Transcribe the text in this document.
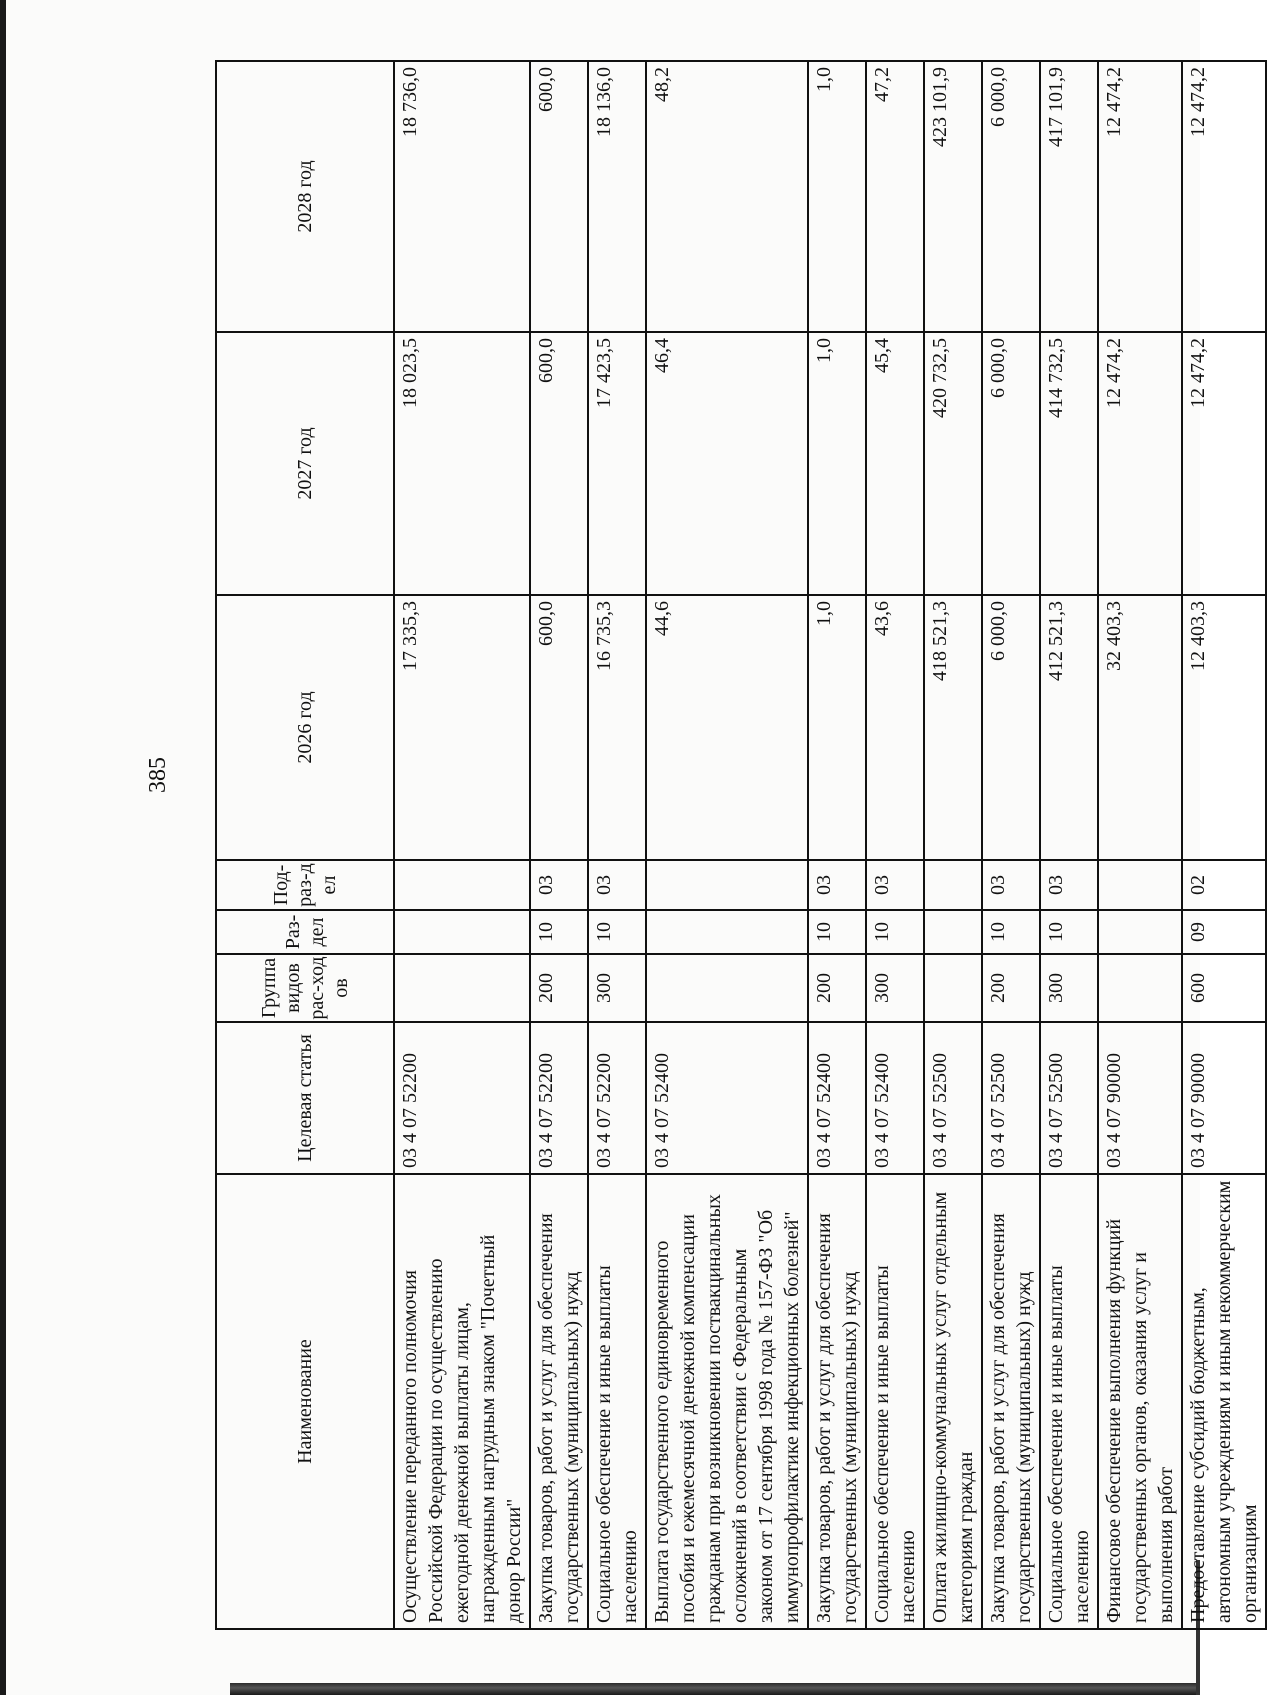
385
Наименование	Целевая статья	Группа видов рас-ходов	Раз-дел	Под-раз-дел	2026 год	2027 год	2028 год
Осуществление переданного полномочия Российской Федерации по осуществлению ежегодной денежной выплаты лицам, награжденным нагрудным знаком "Почетный донор России"	03 4 07 52200				17 335,3	18 023,5	18 736,0
Закупка товаров, работ и услуг для обеспечения государственных (муниципальных) нужд	03 4 07 52200	200	10	03	600,0	600,0	600,0
Социальное обеспечение и иные выплаты населению	03 4 07 52200	300	10	03	16 735,3	17 423,5	18 136,0
Выплата государственного единовременного пособия и ежемесячной денежной компенсации гражданам при возникновении поствакцинальных осложнений в соответствии с Федеральным законом от 17 сентября 1998 года № 157-ФЗ "Об иммунопрофилактике инфекционных болезней"	03 4 07 52400				44,6	46,4	48,2
Закупка товаров, работ и услуг для обеспечения государственных (муниципальных) нужд	03 4 07 52400	200	10	03	1,0	1,0	1,0
Социальное обеспечение и иные выплаты населению	03 4 07 52400	300	10	03	43,6	45,4	47,2
Оплата жилищно-коммунальных услуг отдельным категориям граждан	03 4 07 52500				418 521,3	420 732,5	423 101,9
Закупка товаров, работ и услуг для обеспечения государственных (муниципальных) нужд	03 4 07 52500	200	10	03	6 000,0	6 000,0	6 000,0
Социальное обеспечение и иные выплаты населению	03 4 07 52500	300	10	03	412 521,3	414 732,5	417 101,9
Финансовое обеспечение выполнения функций государственных органов, оказания услуг и выполнения работ	03 4 07 90000				32 403,3	12 474,2	12 474,2
Предоставление субсидий бюджетным, автономным учреждениям и иным некоммерческим организациям	03 4 07 90000	600	09	02	12 403,3	12 474,2	12 474,2
